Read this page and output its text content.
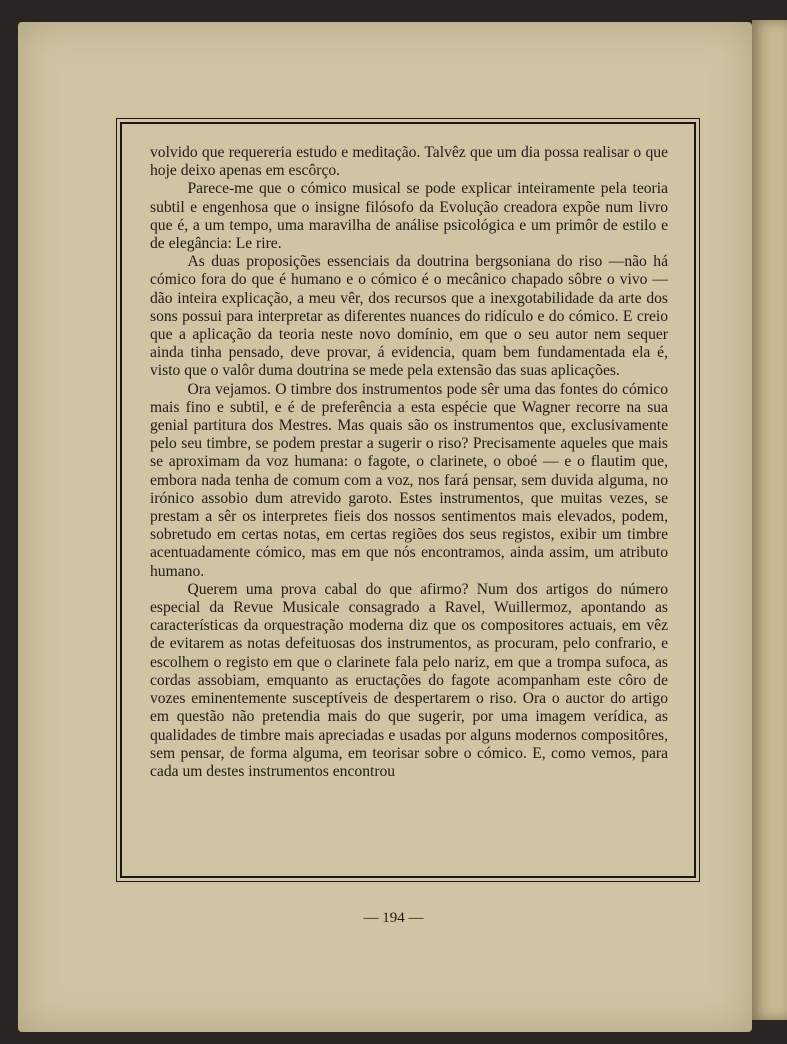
volvido que requereria estudo e meditação. Talvêz que um dia possa realisar o que hoje deixo apenas em escôrço.

Parece-me que o cómico musical se pode explicar inteiramente pela teoria subtil e engenhosa que o insigne filósofo da Evolução creadora expõe num livro que é, a um tempo, uma maravilha de análise psicológica e um primôr de estilo e de elegância: Le rire.

As duas proposições essenciais da doutrina bergsoniana do riso —não há cómico fora do que é humano e o cómico é o mecânico chapado sôbre o vivo — dão inteira explicação, a meu vêr, dos recursos que a inexgotabilidade da arte dos sons possui para interpretar as diferentes nuances do ridículo e do cómico. E creio que a aplicação da teoria neste novo domínio, em que o seu autor nem sequer ainda tinha pensado, deve provar, á evidencia, quam bem fundamentada ela é, visto que o valôr duma doutrina se mede pela extensão das suas aplicações.

Ora vejamos. O timbre dos instrumentos pode sêr uma das fontes do cómico mais fino e subtil, e é de preferência a esta espécie que Wagner recorre na sua genial partitura dos Mestres. Mas quais são os instrumentos que, exclusivamente pelo seu timbre, se podem prestar a sugerir o riso? Precisamente aqueles que mais se aproximam da voz humana: o fagote, o clarinete, o oboé — e o flautim que, embora nada tenha de comum com a voz, nos fará pensar, sem duvida alguma, no irónico assobio dum atrevido garoto. Estes instrumentos, que muitas vezes, se prestam a sêr os interpretes fieis dos nossos sentimentos mais elevados, podem, sobretudo em certas notas, em certas regiões dos seus registos, exibir um timbre acentuadamente cómico, mas em que nós encontramos, ainda assim, um atributo humano.

Querem uma prova cabal do que afirmo? Num dos artigos do número especial da Revue Musicale consagrado a Ravel, Wuillermoz, apontando as características da orquestração moderna diz que os compositores actuais, em vêz de evitarem as notas defeituosas dos instrumentos, as procuram, pelo confrario, e escolhem o registo em que o clarinete fala pelo nariz, em que a trompa sufoca, as cordas assobiam, emquanto as eructações do fagote acompanham este côro de vozes eminentemente susceptíveis de despertarem o riso. Ora o auctor do artigo em questão não pretendia mais do que sugerir, por uma imagem verídica, as qualidades de timbre mais apreciadas e usadas por alguns modernos compositôres, sem pensar, de forma alguma, em teorisar sobre o cómico. E, como vemos, para cada um destes instrumentos encontrou

— 194 —
